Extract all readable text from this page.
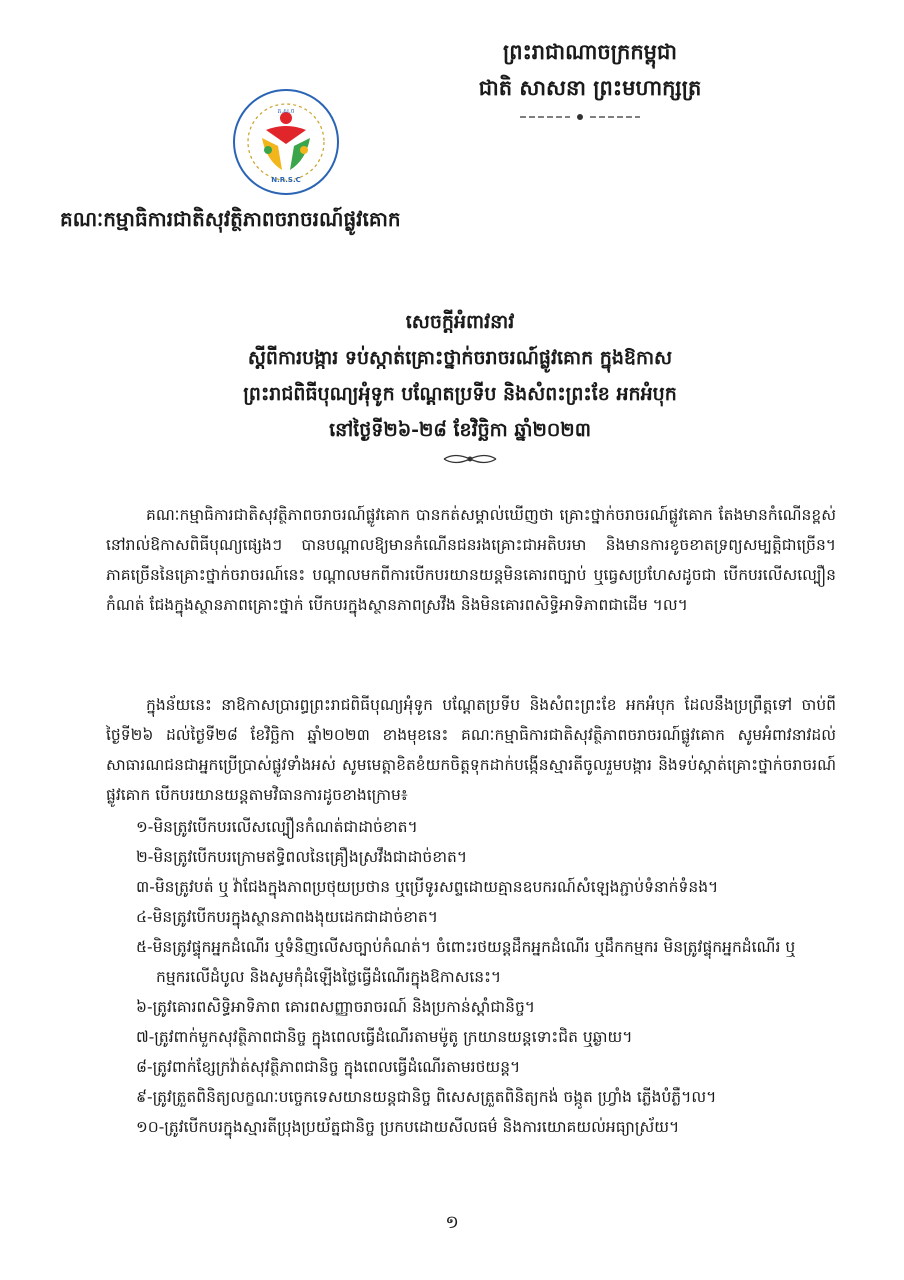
ព្រះរាជាណាចក្រកម្ពុជា
ជាតិ សាសនា ព្រះមហាក្សត្រ
គ.ស.ច
N.R.S.C
គណៈកម្មាធិការជាតិសុវត្ថិភាពចរាចរណ៍ផ្លូវគោក
សេចក្តីអំពាវនាវ
ស្តីពីការបង្ការ ទប់ស្កាត់គ្រោះថ្នាក់ចរាចរណ៍ផ្លូវគោក ក្នុងឱកាស
ព្រះរាជពិធីបុណ្យអុំទូក បណ្តែតប្រទីប និងសំពះព្រះខែ អកអំបុក
នៅថ្ងៃទី២៦-២៨ ខែវិច្ឆិកា ឆ្នាំ២០២៣
គណៈកម្មាធិការជាតិសុវត្ថិភាពចរាចរណ៍ផ្លូវគោក បានកត់សម្គាល់ឃើញថា គ្រោះថ្នាក់ចរាចរណ៍ផ្លូវគោក តែងមានកំណើនខ្ពស់ នៅរាល់ឱកាសពិធីបុណ្យផ្សេងៗ បានបណ្តាលឱ្យមានកំណើនជនរងគ្រោះជាអតិបរមា និងមានការខូចខាតទ្រព្យសម្បត្តិជាច្រើន។ ភាគច្រើននៃគ្រោះថ្នាក់ចរាចរណ៍នេះ បណ្តាលមកពីការបើកបរយានយន្តមិនគោរពច្បាប់ ឬធ្វេសប្រហែសដូចជា បើកបរលើសល្បឿនកំណត់ ជែងក្នុងស្ថានភាពគ្រោះថ្នាក់ បើកបរក្នុងស្ថានភាពស្រវឹង និងមិនគោរពសិទ្ធិអាទិភាពជាដើម ។ល។
ក្នុងន័យនេះ នាឱកាសប្រារព្ធព្រះរាជពិធីបុណ្យអុំទូក បណ្តែតប្រទីប និងសំពះព្រះខែ អកអំបុក ដែលនឹងប្រព្រឹត្តទៅ ចាប់ពីថ្ងៃទី២៦ ដល់ថ្ងៃទី២៨ ខែវិច្ឆិកា ឆ្នាំ២០២៣ ខាងមុខនេះ គណៈកម្មាធិការជាតិសុវត្ថិភាពចរាចរណ៍ផ្លូវគោក សូមអំពាវនាវដល់សាធារណជនជាអ្នកប្រើប្រាស់ផ្លូវទាំងអស់ សូមមេត្តាខិតខំយកចិត្តទុកដាក់បង្កើនស្មារតីចូលរួមបង្ការ និងទប់ស្កាត់គ្រោះថ្នាក់ចរាចរណ៍ផ្លូវគោក បើកបរយានយន្តតាមវិធានការដូចខាងក្រោម៖
១-មិនត្រូវបើកបរលើសល្បឿនកំណត់ជាដាច់ខាត។
២-មិនត្រូវបើកបរក្រោមឥទ្ធិពលនៃគ្រឿងស្រវឹងជាដាច់ខាត។
៣-មិនត្រូវបត់ ឬ វ៉ាជែងក្នុងភាពប្រថុយប្រថាន ឬប្រើទូរសព្ទដោយគ្មានឧបករណ៍សំឡេងភ្ជាប់ទំនាក់ទំនង។
៤-មិនត្រូវបើកបរក្នុងស្ថានភាពងងុយដេកជាដាច់ខាត។
៥-មិនត្រូវផ្ទុកអ្នកដំណើរ ឬទំនិញលើសច្បាប់កំណត់។ ចំពោះរថយន្តដឹកអ្នកដំណើរ ឬដឹកកម្មករ មិនត្រូវផ្ទុកអ្នកដំណើរ ឬកម្មករលើដំបូល និងសូមកុំដំឡើងថ្លៃធ្វើដំណើរក្នុងឱកាសនេះ។
៦-ត្រូវគោរពសិទ្ធិអាទិភាព គោរពសញ្ញាចរាចរណ៍ និងប្រកាន់ស្តាំជានិច្ច។
៧-ត្រូវពាក់មួកសុវត្ថិភាពជានិច្ច ក្នុងពេលធ្វើដំណើរតាមម៉ូតូ ក្រយានយន្តទោះជិត ឬឆ្ងាយ។
៨-ត្រូវពាក់ខ្សែក្រវ៉ាត់សុវត្ថិភាពជានិច្ច ក្នុងពេលធ្វើដំណើរតាមរថយន្ត។
៩-ត្រូវត្រួតពិនិត្យលក្ខណៈបច្ចេកទេសយានយន្តជានិច្ច ពិសេសត្រួតពិនិត្យកង់ ចង្កូត ហ្វ្រាំង ភ្លើងបំភ្លឺ។ល។
១០-ត្រូវបើកបរក្នុងស្មារតីប្រុងប្រយ័ត្នជានិច្ច ប្រកបដោយសីលធម៌ និងការយោគយល់អធ្យាស្រ័យ។
១
